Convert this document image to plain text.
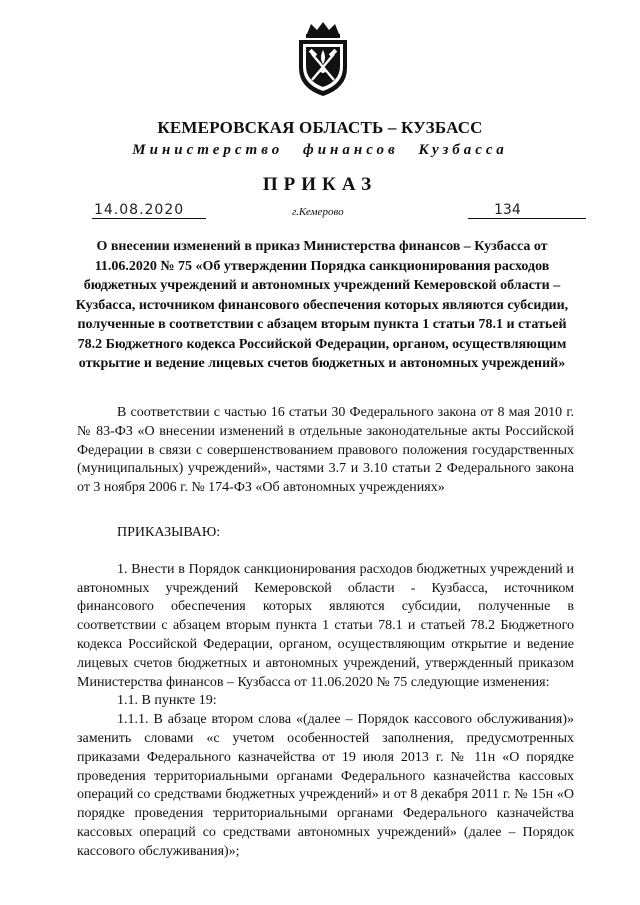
КЕМЕРОВСКАЯ ОБЛАСТЬ – КУЗБАСС
Министерство финансов Кузбасса
ПРИКАЗ
14.08.2020	г.Кемерово	134
О внесении изменений в приказ Министерства финансов – Кузбасса от 11.06.2020 № 75 «Об утверждении Порядка санкционирования расходов бюджетных учреждений и автономных учреждений Кемеровской области – Кузбасса, источником финансового обеспечения которых являются субсидии, полученные в соответствии с абзацем вторым пункта 1 статьи 78.1 и статьей 78.2 Бюджетного кодекса Российской Федерации, органом, осуществляющим открытие и ведение лицевых счетов бюджетных и автономных учреждений»

В соответствии с частью 16 статьи 30 Федерального закона от 8 мая 2010 г. № 83-ФЗ «О внесении изменений в отдельные законодательные акты Российской Федерации в связи с совершенствованием правового положения государственных (муниципальных) учреждений», частями 3.7 и 3.10 статьи 2 Федерального закона от 3 ноября 2006 г. № 174-ФЗ «Об автономных учреждениях»

ПРИКАЗЫВАЮ:

1. Внести в Порядок санкционирования расходов бюджетных учреждений и автономных учреждений Кемеровской области - Кузбасса, источником финансового обеспечения которых являются субсидии, полученные в соответствии с абзацем вторым пункта 1 статьи 78.1 и статьей 78.2 Бюджетного кодекса Российской Федерации, органом, осуществляющим открытие и ведение лицевых счетов бюджетных и автономных учреждений, утвержденный приказом Министерства финансов – Кузбасса от 11.06.2020 № 75 следующие изменения:

1.1. В пункте 19:

1.1.1. В абзаце втором слова «(далее – Порядок кассового обслуживания)» заменить словами «с учетом особенностей заполнения, предусмотренных приказами Федерального казначейства от 19 июля 2013 г. № 11н «О порядке проведения территориальными органами Федерального казначейства кассовых операций со средствами бюджетных учреждений» и от 8 декабря 2011 г. № 15н «О порядке проведения территориальными органами Федерального казначейства кассовых операций со средствами автономных учреждений» (далее – Порядок кассового обслуживания)»;
